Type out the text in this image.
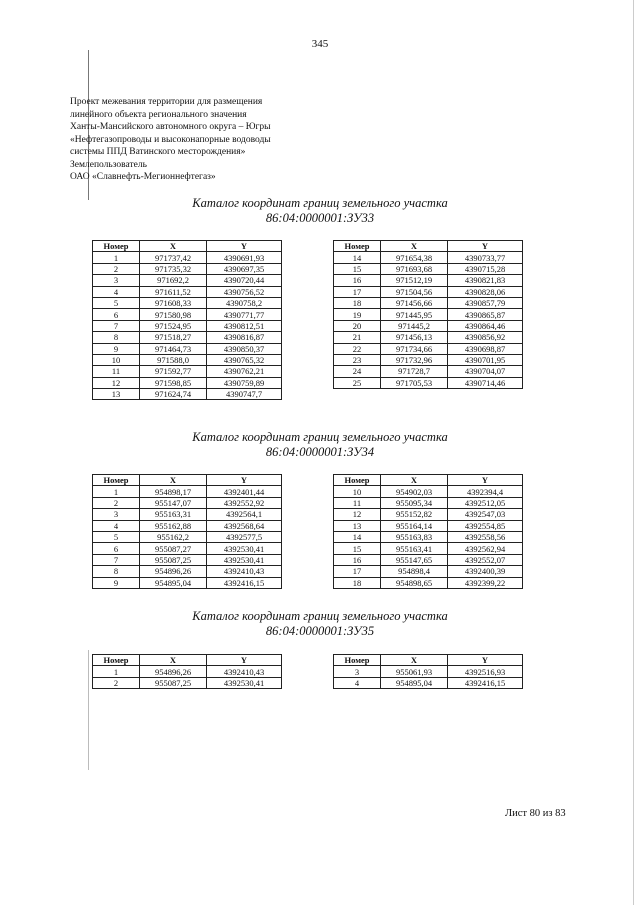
345
Проект межевания территории для размещения
линейного объекта регионального значения
Ханты-Мансийского автономного округа – Югры
«Нефтегазопроводы и высоконапорные водоводы
системы ППД Ватинского месторождения»
Землепользователь
ОАО «Славнефть-Мегионнефтегаз»
Каталог координат границ земельного участка
86:04:0000001:ЗУ33
Номер	X	Y
1	971737,42	4390691,93
2	971735,32	4390697,35
3	971692,2	4390720,44
4	971611,52	4390756,52
5	971608,33	4390758,2
6	971580,98	4390771,77
7	971524,95	4390812,51
8	971518,27	4390816,87
9	971464,73	4390850,37
10	971588,0	4390765,32
11	971592,77	4390762,21
12	971598,85	4390759,89
13	971624,74	4390747,7
Номер	X	Y
14	971654,38	4390733,77
15	971693,68	4390715,28
16	971512,19	4390821,83
17	971504,56	4390828,06
18	971456,66	4390857,79
19	971445,95	4390865,87
20	971445,2	4390864,46
21	971456,13	4390856,92
22	971734,66	4390698,87
23	971732,96	4390701,95
24	971728,7	4390704,07
25	971705,53	4390714,46
Каталог координат границ земельного участка
86:04:0000001:ЗУ34
Номер	X	Y
1	954898,17	4392401,44
2	955147,07	4392552,92
3	955163,31	4392564,1
4	955162,88	4392568,64
5	955162,2	4392577,5
6	955087,27	4392530,41
7	955087,25	4392530,41
8	954896,26	4392410,43
9	954895,04	4392416,15
Номер	X	Y
10	954902,03	4392394,4
11	955095,34	4392512,05
12	955152,82	4392547,03
13	955164,14	4392554,85
14	955163,83	4392558,56
15	955163,41	4392562,94
16	955147,65	4392552,07
17	954898,4	4392400,39
18	954898,65	4392399,22
Каталог координат границ земельного участка
86:04:0000001:ЗУ35
Номер	X	Y
1	954896,26	4392410,43
2	955087,25	4392530,41
Номер	X	Y
3	955061,93	4392516,93
4	954895,04	4392416,15
Лист 80 из 83
